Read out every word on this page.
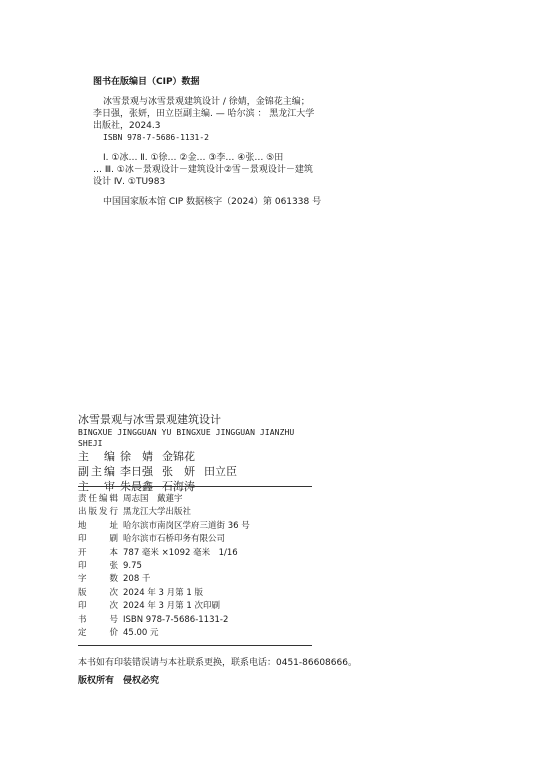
图书在版编目（CIP）数据

冰雪景观与冰雪景观建筑设计 / 徐婧，金锦花主编；

李日强，张妍，田立臣副主编. — 哈尔滨 ： 黑龙江大学

出版社，2024.3

ISBN 978-7-5686-1131-2

Ⅰ. ①冰… Ⅱ. ①徐… ②金… ③李… ④张… ⑤田

… Ⅲ. ①冰－景观设计－建筑设计②雪－景观设计－建筑

设计 Ⅳ. ①TU983

中国国家版本馆 CIP 数据核字（2024）第 061338 号

冰雪景观与冰雪景观建筑设计
BINGXUE JINGGUAN YU BINGXUE JINGGUAN JIANZHU SHEJI
主　编 徐　婧 金锦花
副主编 李日强 张　妍 田立臣
主　审 朱晨鑫 石海涛
责任编辑 周志国　戴蓮宇
出版发行 黑龙江大学出版社
地　　址 哈尔滨市南岗区学府三道街 36 号
印　　刷 哈尔滨市石桥印务有限公司
开　　本 787 毫米 ×1092 毫米　1/16
印　　张 9.75
字　　数 208 千
版　　次 2024 年 3 月第 1 版
印　　次 2024 年 3 月第 1 次印刷
书　　号 ISBN 978-7-5686-1131-2
定　　价 45.00 元
本书如有印装错误请与本社联系更换，联系电话：0451-86608666。
版权所有　侵权必究
